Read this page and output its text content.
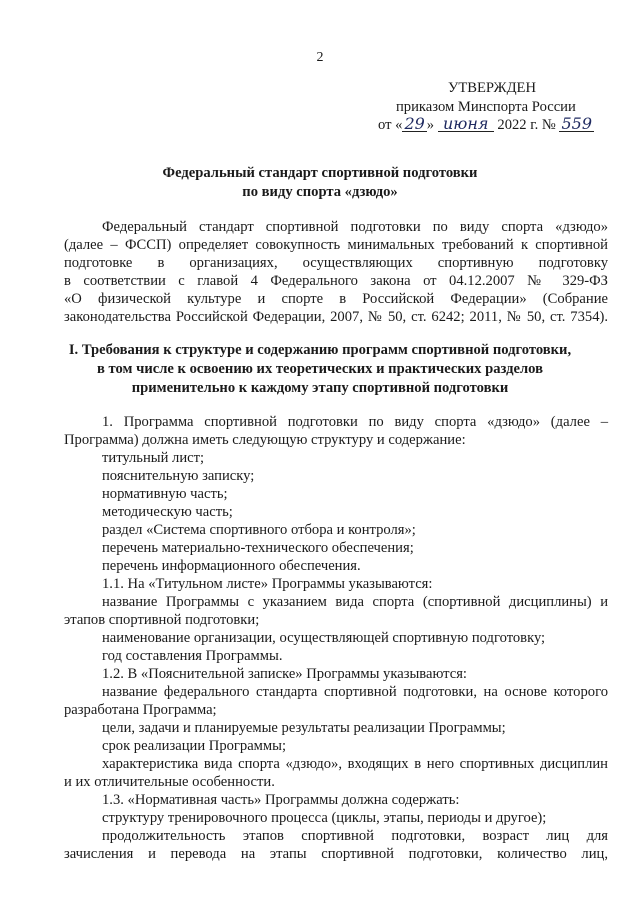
2
УТВЕРЖДЕН
приказом Минспорта России
от « 29 » июня 2022 г. № 559
Федеральный стандарт спортивной подготовки
по виду спорта «дзюдо»
Федеральный стандарт спортивной подготовки по виду спорта «дзюдо»
(далее – ФССП) определяет совокупность минимальных требований к спортивной
подготовке в организациях, осуществляющих спортивную подготовку
в соответствии с главой 4 Федерального закона от 04.12.2007 № 329-ФЗ
«О физической культуре и спорте в Российской Федерации» (Собрание
законодательства Российской Федерации, 2007, № 50, ст. 6242; 2011, № 50, ст. 7354).
I. Требования к структуре и содержанию программ спортивной подготовки,
в том числе к освоению их теоретических и практических разделов
применительно к каждому этапу спортивной подготовки
1. Программа спортивной подготовки по виду спорта «дзюдо» (далее –
Программа) должна иметь следующую структуру и содержание:
титульный лист;
пояснительную записку;
нормативную часть;
методическую часть;
раздел «Система спортивного отбора и контроля»;
перечень материально-технического обеспечения;
перечень информационного обеспечения.
1.1. На «Титульном листе» Программы указываются:
название Программы с указанием вида спорта (спортивной дисциплины) и
этапов спортивной подготовки;
наименование организации, осуществляющей спортивную подготовку;
год составления Программы.
1.2. В «Пояснительной записке» Программы указываются:
название федерального стандарта спортивной подготовки, на основе которого
разработана Программа;
цели, задачи и планируемые результаты реализации Программы;
срок реализации Программы;
характеристика вида спорта «дзюдо», входящих в него спортивных дисциплин
и их отличительные особенности.
1.3. «Нормативная часть» Программы должна содержать:
структуру тренировочного процесса (циклы, этапы, периоды и другое);
продолжительность этапов спортивной подготовки, возраст лиц для
зачисления и перевода на этапы спортивной подготовки, количество лиц,
